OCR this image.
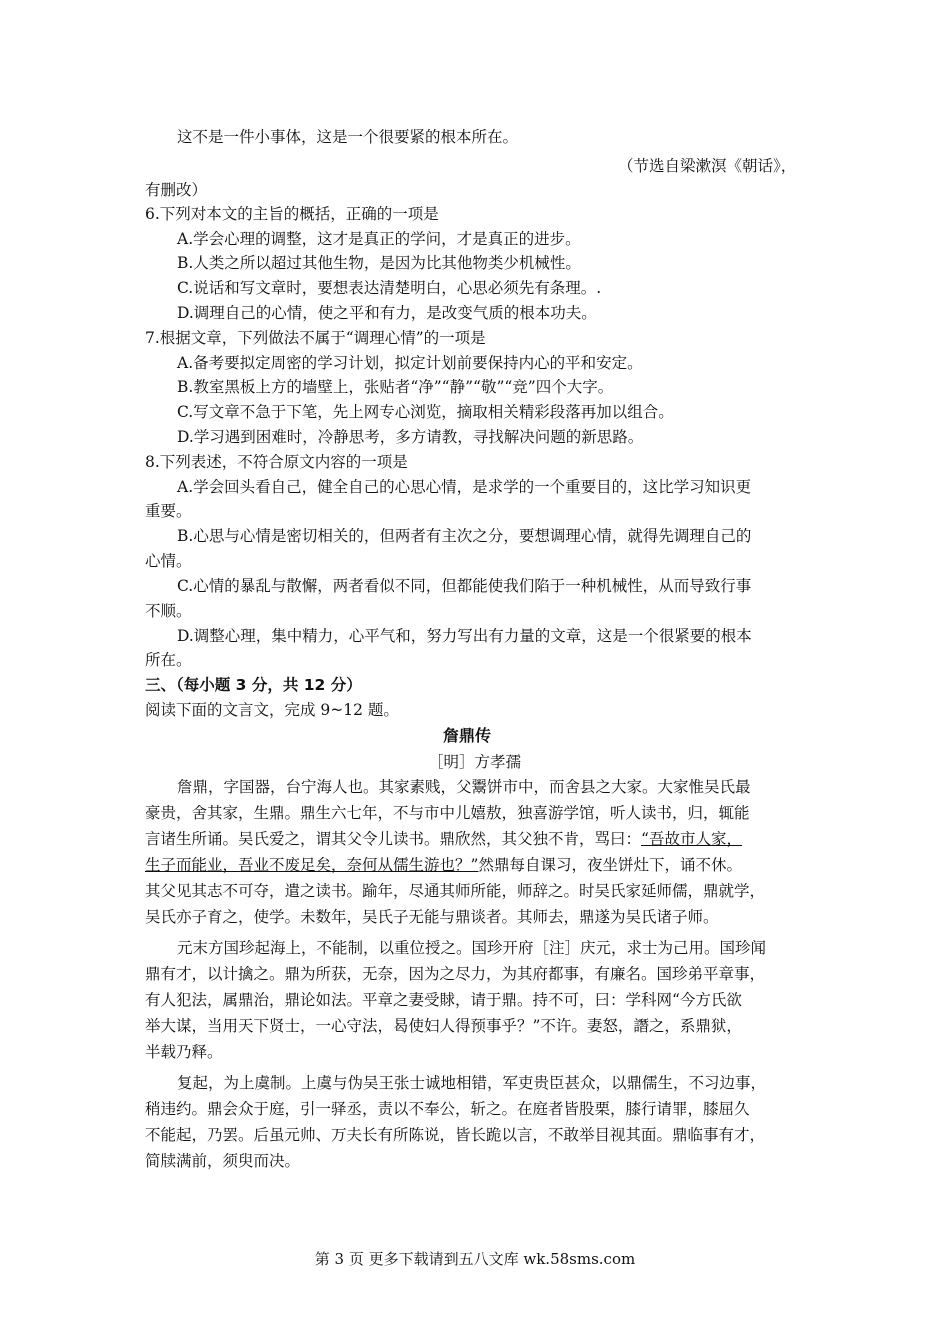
这不是一件小事体，这是一个很要紧的根本所在。
（节选自梁漱溟《朝话》，
有删改）
6.下列对本文的主旨的概括，正确的一项是
A.学会心理的调整，这才是真正的学问，才是真正的进步。
B.人类之所以超过其他生物，是因为比其他物类少机械性。
C.说话和写文章时，要想表达清楚明白，心思必须先有条理。.
D.调理自己的心情，使之平和有力，是改变气质的根本功夫。
7.根据文章，下列做法不属于“调理心情”的一项是
A.备考要拟定周密的学习计划，拟定计划前要保持内心的平和安定。
B.教室黑板上方的墙壁上，张贴者“净”“静”“敬”“竞”四个大字。
C.写文章不急于下笔，先上网专心浏览，摘取相关精彩段落再加以组合。
D.学习遇到困难时，冷静思考，多方请教，寻找解决问题的新思路。
8.下列表述，不符合原文内容的一项是
A.学会回头看自己，健全自己的心思心情，是求学的一个重要目的，这比学习知识更
重要。
B.心思与心情是密切相关的，但两者有主次之分，要想调理心情，就得先调理自己的
心情。
C.心情的暴乱与散懈，两者看似不同，但都能使我们陷于一种机械性，从而导致行事
不顺。
D.调整心理，集中精力，心平气和，努力写出有力量的文章，这是一个很紧要的根本
所在。
三、（每小题 3 分，共 12 分）
阅读下面的文言文，完成 9~12 题。
詹鼎传
［明］方孝孺
詹鼎，字国器，台宁海人也。其家素贱，父鬻饼市中，而舍县之大家。大家惟吴氏最
豪贵，舍其家，生鼎。鼎生六七年，不与市中儿嬉敖，独喜游学馆，听人读书，归，辄能
言诸生所诵。吴氏爱之，谓其父令儿读书。鼎欣然，其父独不肯，骂曰：“吾故市人家，
生子而能业，吾业不废足矣，奈何从儒生游也？”然鼎每自课习，夜坐饼灶下，诵不休。
其父见其志不可夺，遣之读书。踰年，尽通其师所能，师辞之。时吴氏家延师儒，鼎就学，
吴氏亦子育之，使学。未数年，吴氏子无能与鼎谈者。其师去，鼎遂为吴氏诸子师。
元末方国珍起海上，不能制，以重位授之。国珍开府［注］庆元，求士为己用。国珍闻
鼎有才，以计擒之。鼎为所获，无奈，因为之尽力，为其府都事，有廉名。国珍弟平章事，
有人犯法，属鼎治，鼎论如法。平章之妻受賕，请于鼎。持不可，曰：学科网“今方氏欲
举大谋，当用天下贤士，一心守法，曷使妇人得预事乎？”不许。妻怒，譖之，系鼎狱，
半载乃释。
复起，为上虞制。上虞与伪吴王张士诚地相错，军吏贵臣甚众，以鼎儒生，不习边事，
稍违约。鼎会众于庭，引一驿丞，责以不奉公，斩之。在庭者皆股栗，膝行请罪，膝屈久
不能起，乃罢。后虽元帅、万夫长有所陈说，皆长跪以言，不敢举目视其面。鼎临事有才，
简牍满前，须臾而决。
第 3 页 更多下载请到五八文库 wk.58sms.com
